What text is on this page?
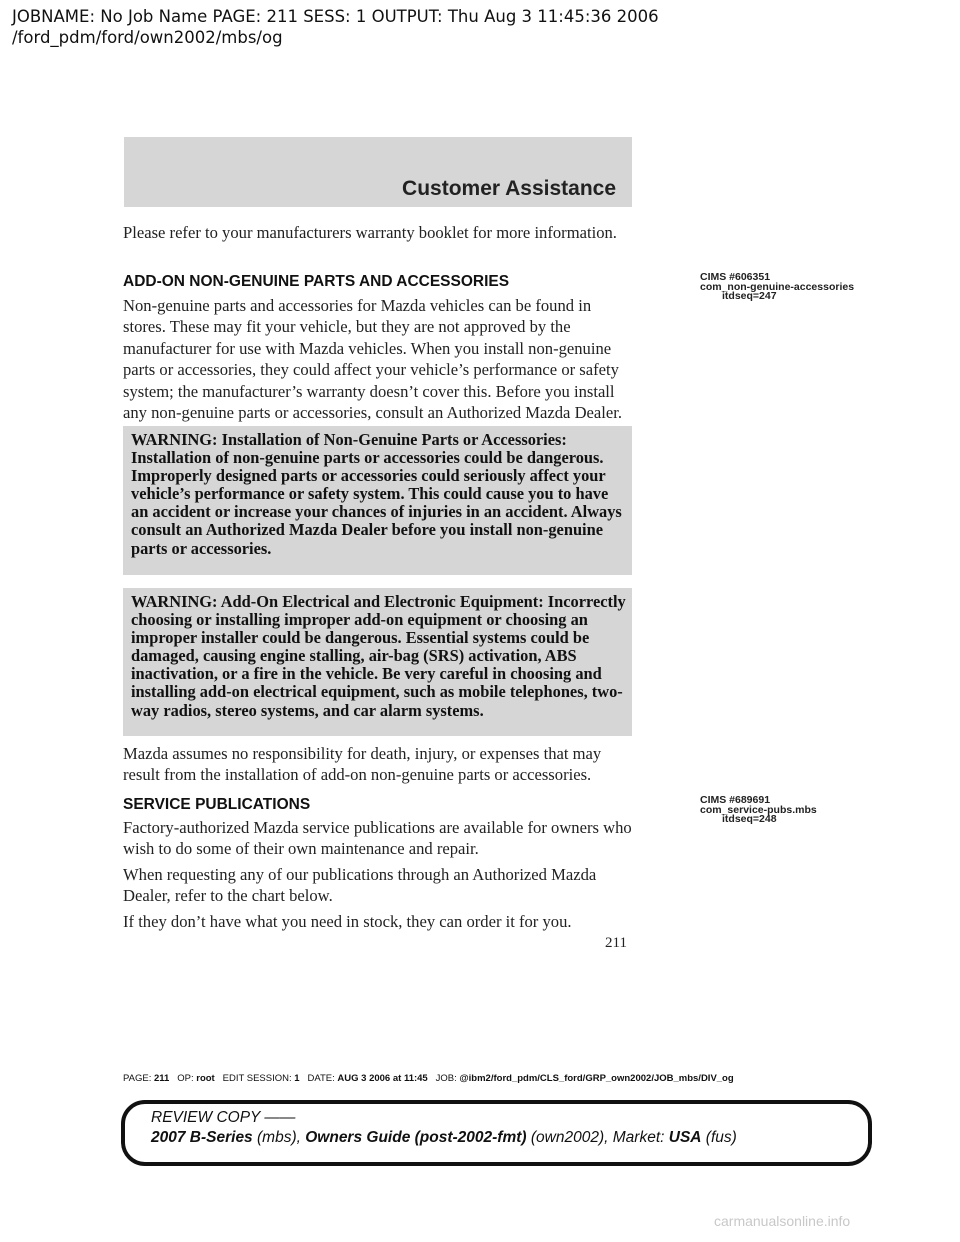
JOBNAME: No Job Name PAGE: 211 SESS: 1 OUTPUT: Thu Aug 3 11:45:36 2006
/ford_pdm/ford/own2002/mbs/og
Customer Assistance

Please refer to your manufacturers warranty booklet for more information.

ADD-ON NON-GENUINE PARTS AND ACCESSORIES	CIMS #606351
com_non-genuine-accessories
itdseq=247

Non-genuine parts and accessories for Mazda vehicles can be found in stores. These may fit your vehicle, but they are not approved by the manufacturer for use with Mazda vehicles. When you install non-genuine parts or accessories, they could affect your vehicle’s performance or safety system; the manufacturer’s warranty doesn’t cover this. Before you install any non-genuine parts or accessories, consult an Authorized Mazda Dealer.

WARNING: Installation of Non-Genuine Parts or Accessories: Installation of non-genuine parts or accessories could be dangerous. Improperly designed parts or accessories could seriously affect your vehicle’s performance or safety system. This could cause you to have an accident or increase your chances of injuries in an accident. Always consult an Authorized Mazda Dealer before you install non-genuine parts or accessories.
WARNING: Add-On Electrical and Electronic Equipment: Incorrectly choosing or installing improper add-on equipment or choosing an improper installer could be dangerous. Essential systems could be damaged, causing engine stalling, air-bag (SRS) activation, ABS inactivation, or a fire in the vehicle. Be very careful in choosing and installing add-on electrical equipment, such as mobile telephones, two-way radios, stereo systems, and car alarm systems.

Mazda assumes no responsibility for death, injury, or expenses that may result from the installation of add-on non-genuine parts or accessories.

SERVICE PUBLICATIONS	CIMS #689691
com_service-pubs.mbs
itdseq=248

Factory-authorized Mazda service publications are available for owners who wish to do some of their own maintenance and repair.

When requesting any of our publications through an Authorized Mazda Dealer, refer to the chart below.

If they don’t have what you need in stock, they can order it for you.

211
PAGE: 211 OP: root EDIT SESSION: 1 DATE: AUG 3 2006 at 11:45 JOB: @ibm2/ford_pdm/CLS_ford/GRP_own2002/JOB_mbs/DIV_og
REVIEW COPY ——
2007 B-Series (mbs), Owners Guide (post-2002-fmt) (own2002), Market: USA (fus)
carmanualsonline.info
